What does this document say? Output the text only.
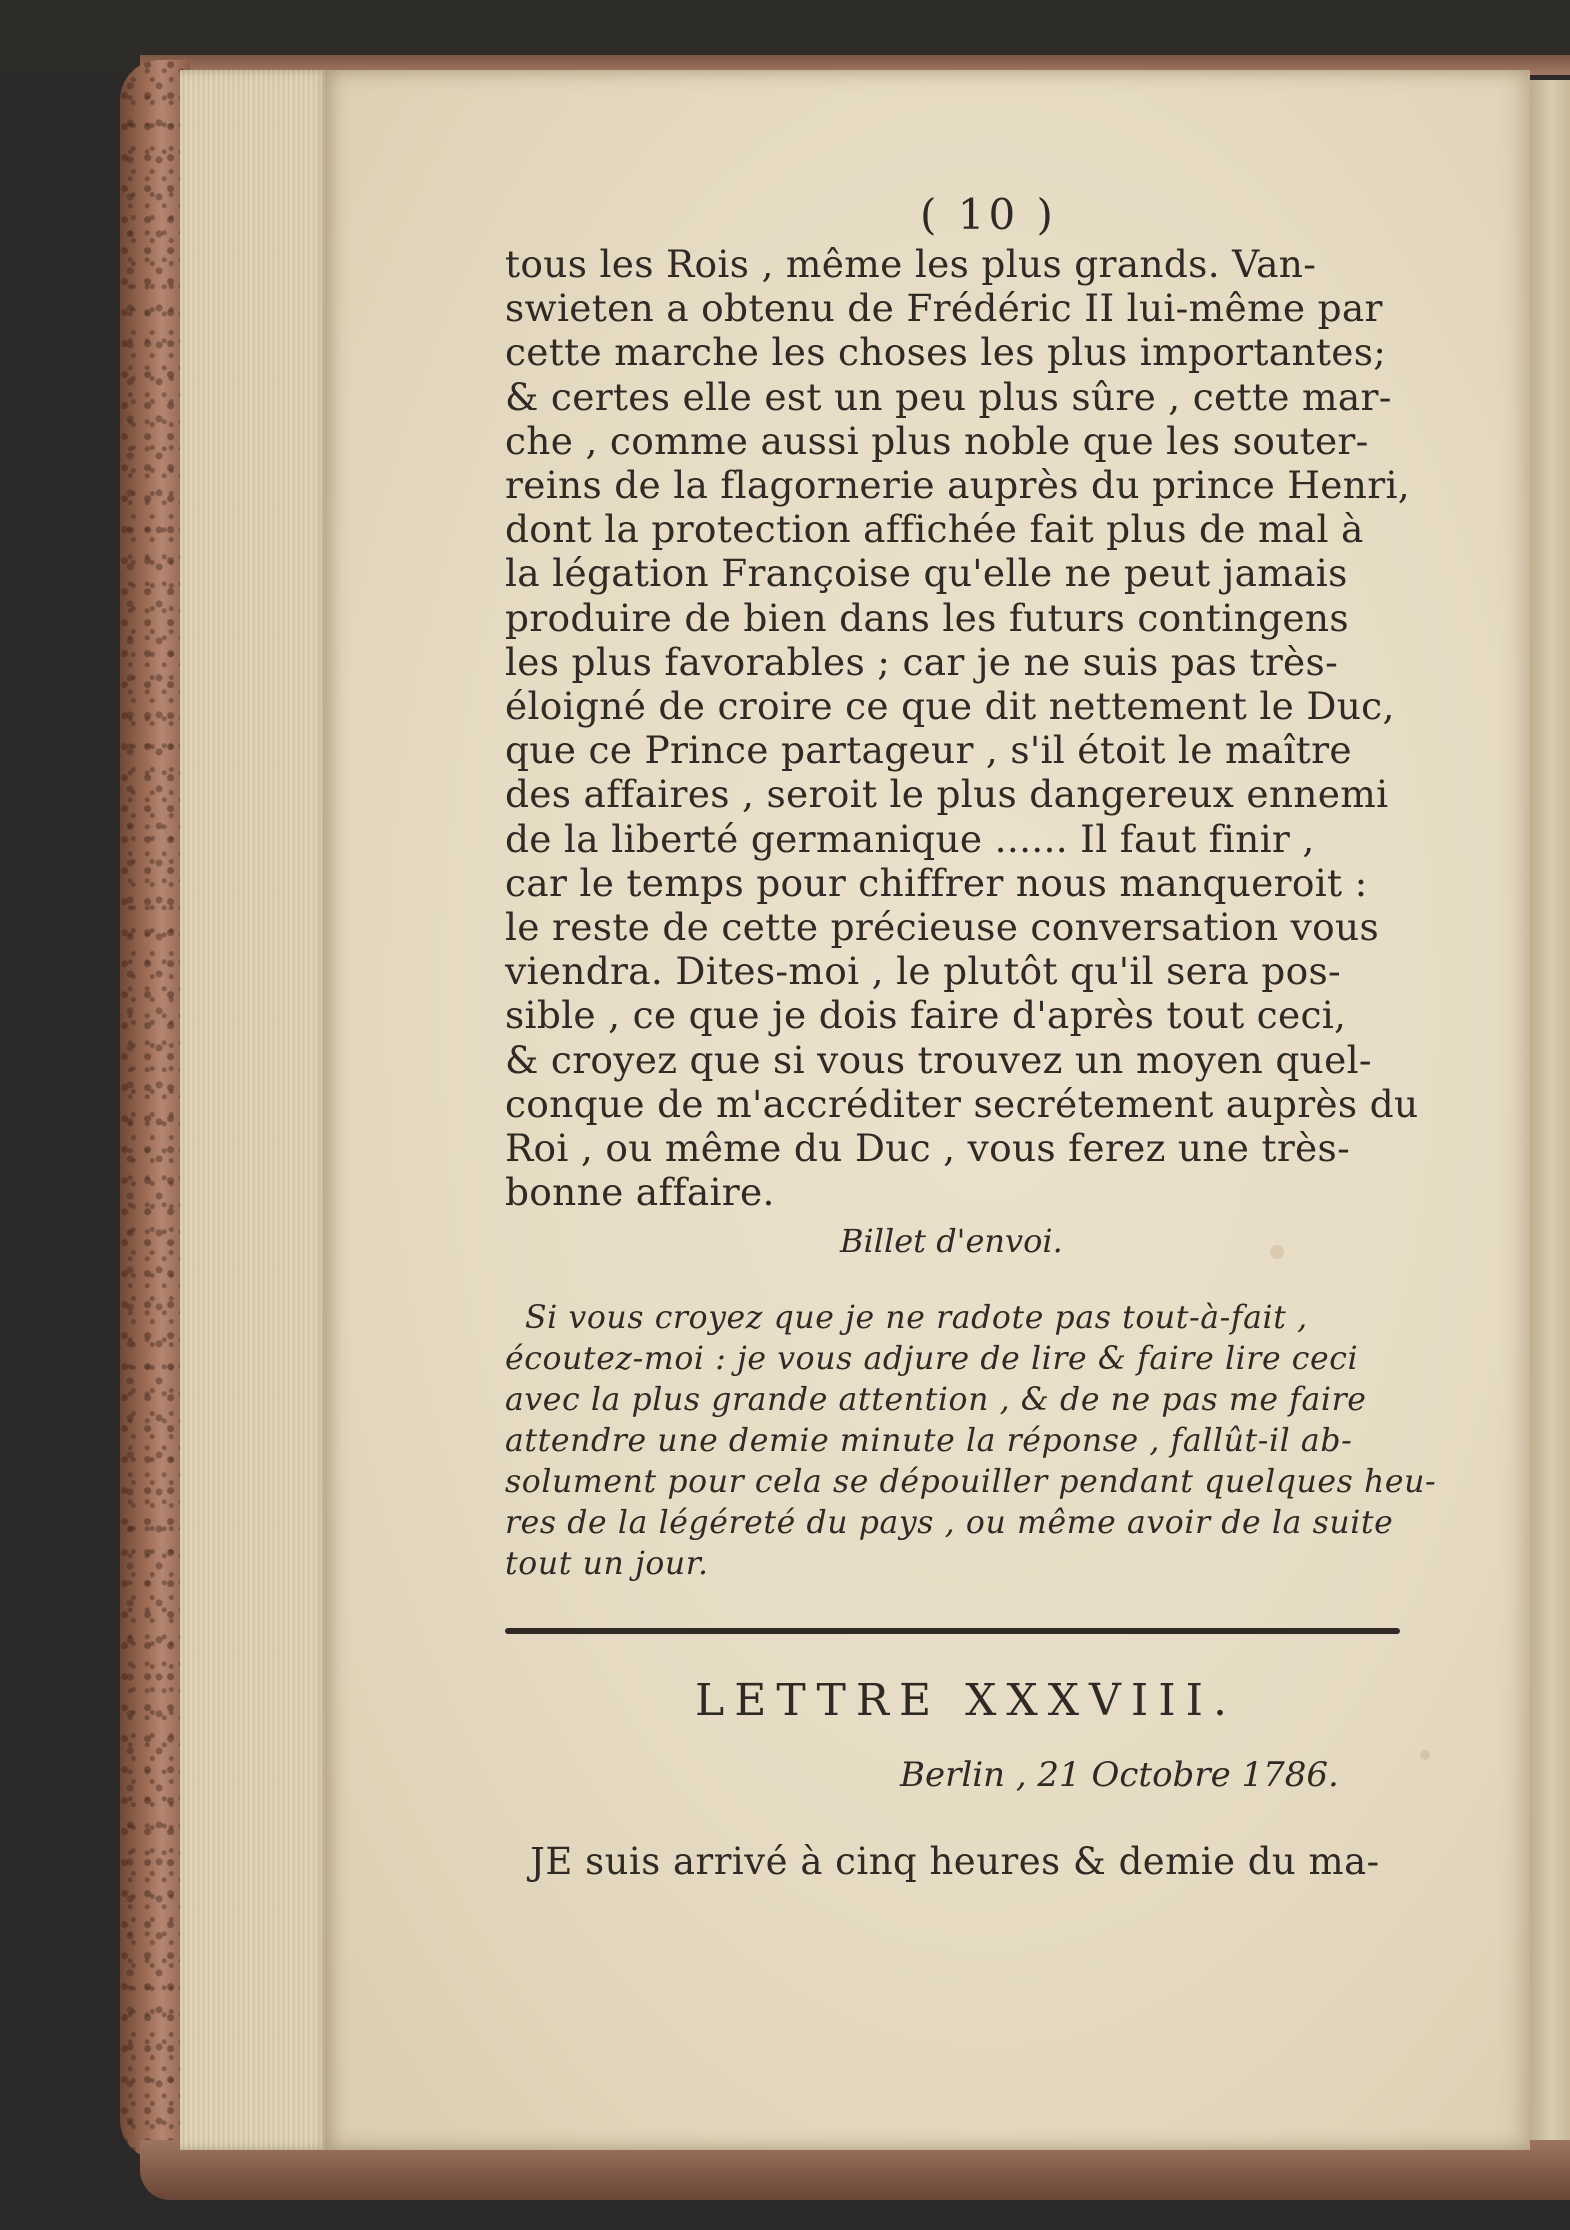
( 10 )
tous les Rois , même les plus grands. Van-
swieten a obtenu de Frédéric II lui-même par
cette marche les choses les plus importantes;
& certes elle est un peu plus sûre , cette mar-
che , comme aussi plus noble que les souter-
reins de la flagornerie auprès du prince Henri,
dont la protection affichée fait plus de mal à
la légation Françoise qu'elle ne peut jamais
produire de bien dans les futurs contingens
les plus favorables ; car je ne suis pas très-
éloigné de croire ce que dit nettement le Duc,
que ce Prince partageur , s'il étoit le maître
des affaires , seroit le plus dangereux ennemi
de la liberté germanique ...... Il faut finir ,
car le temps pour chiffrer nous manqueroit :
le reste de cette précieuse conversation vous
viendra. Dites-moi , le plutôt qu'il sera pos-
sible , ce que je dois faire d'après tout ceci,
& croyez que si vous trouvez un moyen quel-
conque de m'accréditer secrétement auprès du
Roi , ou même du Duc , vous ferez une très-
bonne affaire.
Billet d'envoi.
Si vous croyez que je ne radote pas tout-à-fait ,
écoutez-moi : je vous adjure de lire & faire lire ceci
avec la plus grande attention , & de ne pas me faire
attendre une demie minute la réponse , fallût-il ab-
solument pour cela se dépouiller pendant quelques heu-
res de la légéreté du pays , ou même avoir de la suite
tout un jour.
LETTRE XXXVIII.
Berlin , 21 Octobre 1786.
JE suis arrivé à cinq heures & demie du ma-
